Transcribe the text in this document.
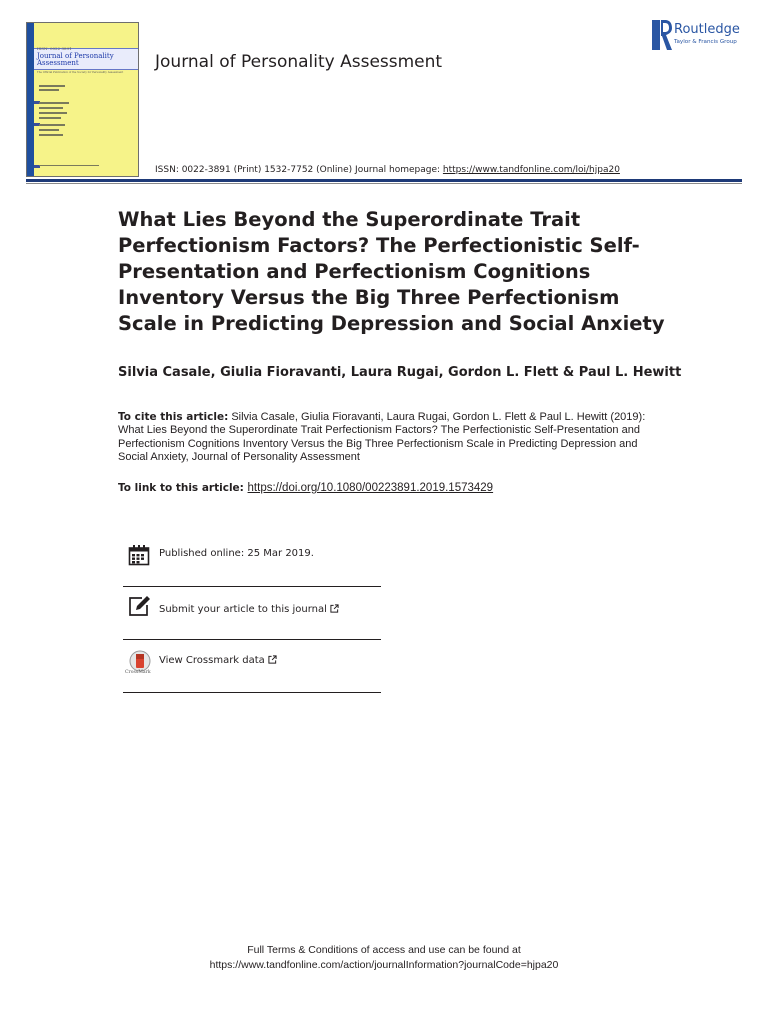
ISSN: 0022-3891
Journal of Personality Assessment
The Official Publication of the Society for Personality Assessment
Journal of Personality Assessment
Routledge
Taylor & Francis Group
ISSN: 0022-3891 (Print) 1532-7752 (Online) Journal homepage: https://www.tandfonline.com/loi/hjpa20
What Lies Beyond the Superordinate Trait Perfectionism Factors? The Perfectionistic Self-Presentation and Perfectionism Cognitions Inventory Versus the Big Three Perfectionism Scale in Predicting Depression and Social Anxiety
Silvia Casale, Giulia Fioravanti, Laura Rugai, Gordon L. Flett & Paul L. Hewitt
To cite this article: Silvia Casale, Giulia Fioravanti, Laura Rugai, Gordon L. Flett & Paul L. Hewitt (2019): What Lies Beyond the Superordinate Trait Perfectionism Factors? The Perfectionistic Self-Presentation and Perfectionism Cognitions Inventory Versus the Big Three Perfectionism Scale in Predicting Depression and Social Anxiety, Journal of Personality Assessment
To link to this article: https://doi.org/10.1080/00223891.2019.1573429
Published online: 25 Mar 2019.
Submit your article to this journal
CrossMark
View Crossmark data
Full Terms & Conditions of access and use can be found at
https://www.tandfonline.com/action/journalInformation?journalCode=hjpa20
